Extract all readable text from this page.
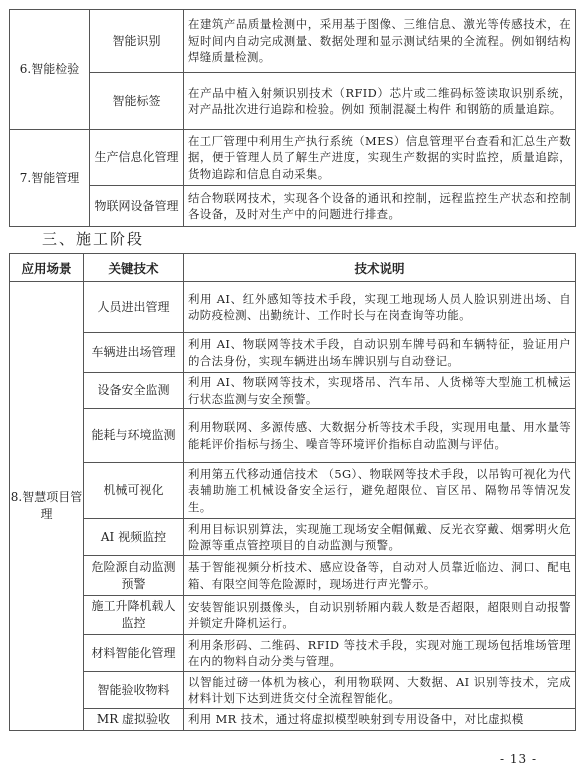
6.智能检验	智能识别	在建筑产品质量检测中，采用基于图像、三维信息、激光等传感技术，在短时间内自动完成测量、数据处理和显示测试结果的全流程。例如钢结构焊缝质量检测。
	智能标签	在产品中植入射频识别技术（RFID）芯片或二维码标签读取识别系统，对产品批次进行追踪和检验。例如 预制混凝土构件 和钢筋的质量追踪。
7.智能管理	生产信息化管理	在工厂管理中利用生产执行系统（MES）信息管理平台查看和汇总生产数据，便于管理人员了解生产进度，实现生产数据的实时监控，质量追踪，货物追踪和信息自动采集。
	物联网设备管理	结合物联网技术，实现各个设备的通讯和控制，远程监控生产状态和控制各设备，及时对生产中的问题进行排查。
三、施工阶段
应用场景	关键技术	技术说明
8.智慧项目管理	人员进出管理	利用 AI、红外感知等技术手段，实现工地现场人员人脸识别进出场、自动防疫检测、出勤统计、工作时长与在岗查询等功能。
	车辆进出场管理	利用 AI、物联网等技术手段，自动识别车牌号码和车辆特征，验证用户的合法身份，实现车辆进出场车牌识别与自动登记。
	设备安全监测	利用 AI、物联网等技术，实现塔吊、汽车吊、人货梯等大型施工机械运行状态监测与安全预警。
	能耗与环境监测	利用物联网、多源传感、大数据分析等技术手段，实现用电量、用水量等能耗评价指标与扬尘、噪音等环境评价指标自动监测与评估。
	机械可视化	利用第五代移动通信技术 （5G）、物联网等技术手段，以吊钩可视化为代表辅助施工机械设备安全运行，避免超限位、盲区吊、隔物吊等情况发生。
	AI 视频监控	利用目标识别算法，实现施工现场安全帽佩戴、反光衣穿戴、烟雾明火危险源等重点管控项目的自动监测与预警。
	危险源自动监测预警	基于智能视频分析技术、感应设备等，自动对人员靠近临边、洞口、配电箱、有限空间等危险源时，现场进行声光警示。
	施工升降机载人监控	安装智能识别摄像头，自动识别轿厢内载人数是否超限，超限则自动报警并锁定升降机运行。
	材料智能化管理	利用条形码、二维码、RFID 等技术手段，实现对施工现场包括堆场管理在内的物料自动分类与管理。
	智能验收物料	以智能过磅一体机为核心，利用物联网、大数据、AI 识别等技术，完成材料计划下达到进货交付全流程智能化。
	MR 虚拟验收	利用 MR 技术，通过将虚拟模型映射到专用设备中，对比虚拟模
- 13 -
